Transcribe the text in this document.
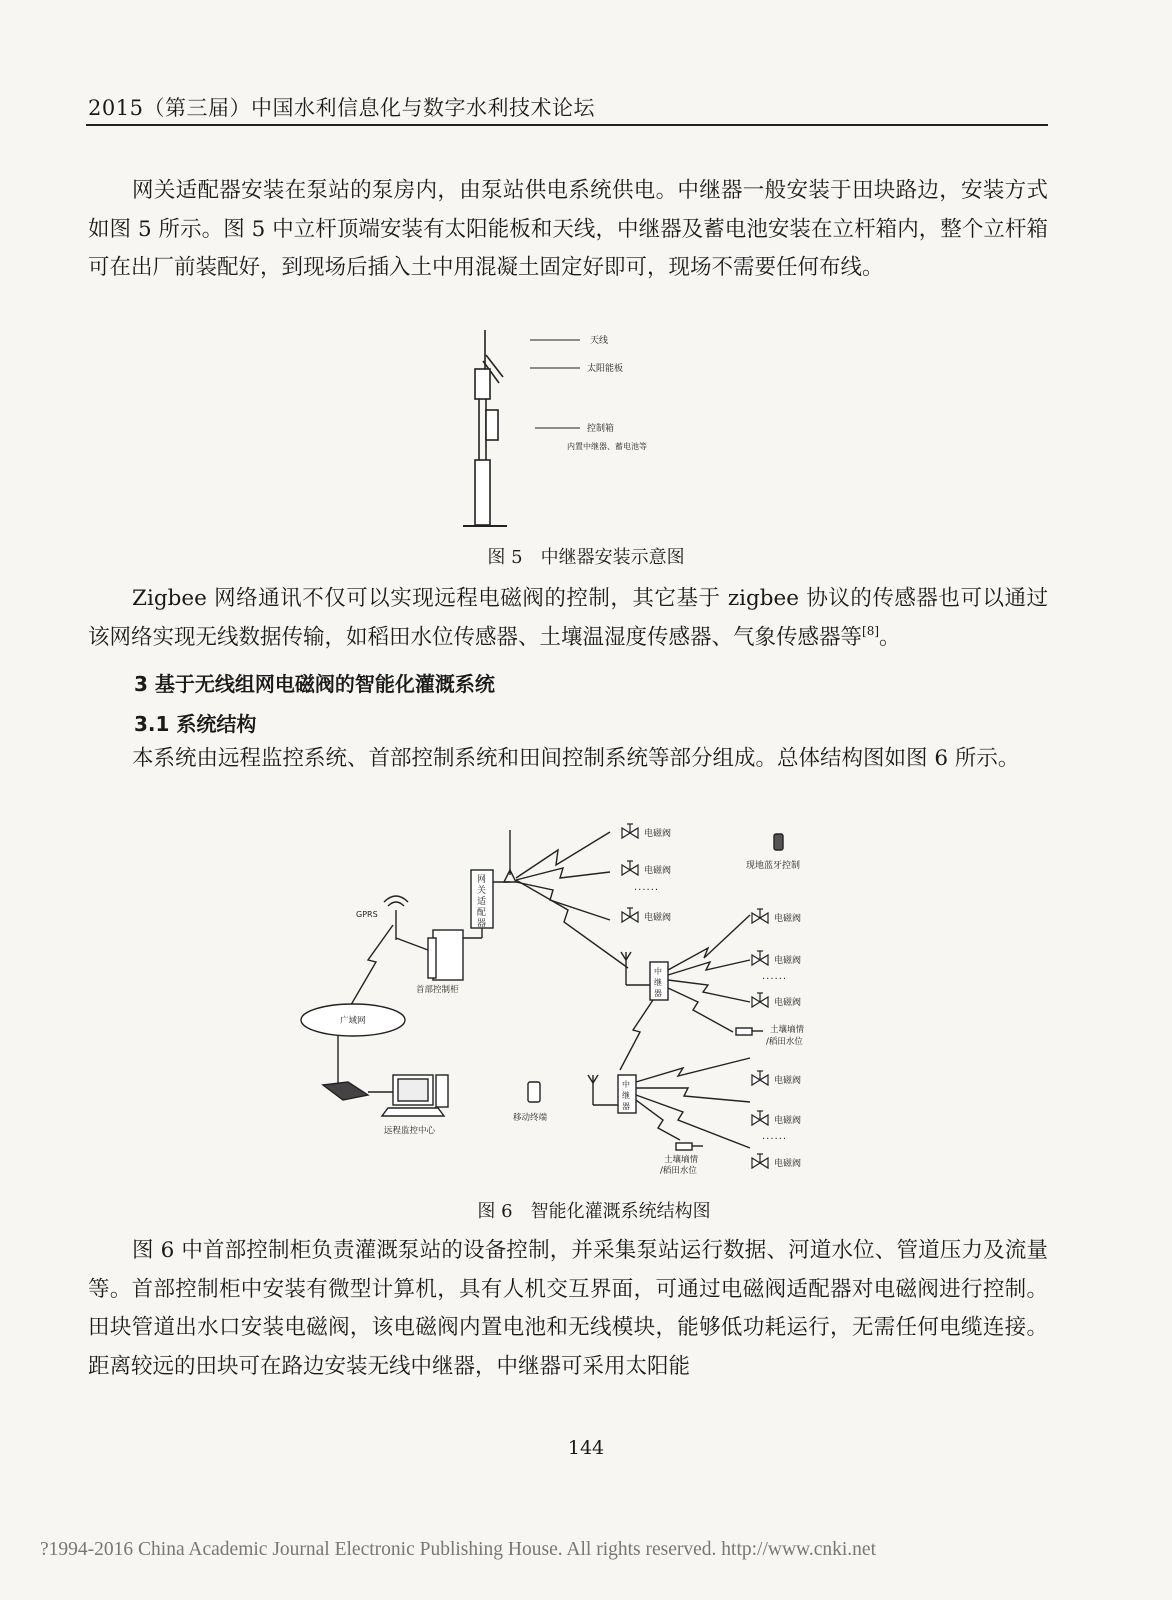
2015（第三届）中国水利信息化与数字水利技术论坛

网关适配器安装在泵站的泵房内，由泵站供电系统供电。中继器一般安装于田块路边，安装方式如图 5 所示。图 5 中立杆顶端安装有太阳能板和天线，中继器及蓄电池安装在立杆箱内，整个立杆箱可在出厂前装配好，到现场后插入土中用混凝土固定好即可，现场不需要任何布线。

天线
太阳能板
控制箱
内置中继器、蓄电池等
图 5　中继器安装示意图

Zigbee 网络通讯不仅可以实现远程电磁阀的控制，其它基于 zigbee 协议的传感器也可以通过该网络实现无线数据传输，如稻田水位传感器、土壤温湿度传感器、气象传感器等[8]。

3 基于无线组网电磁阀的智能化灌溉系统
3.1 系统结构

本系统由远程监控系统、首部控制系统和田间控制系统等部分组成。总体结构图如图 6 所示。

电磁阀
电磁阀
······
电磁阀	电磁阀
电磁阀
······
电磁阀
电磁阀
电磁阀
······
电磁阀
现地蓝牙控制
GPRS
网
关
适
配
器
首部控制柜
广域网
中
继
器
中
继
器
土壤墒情
/稻田水位
土壤墒情
/稻田水位
远程监控中心
移动终端
图 6　智能化灌溉系统结构图

图 6 中首部控制柜负责灌溉泵站的设备控制，并采集泵站运行数据、河道水位、管道压力及流量等。首部控制柜中安装有微型计算机，具有人机交互界面，可通过电磁阀适配器对电磁阀进行控制。田块管道出水口安装电磁阀，该电磁阀内置电池和无线模块，能够低功耗运行，无需任何电缆连接。距离较远的田块可在路边安装无线中继器，中继器可采用太阳能

144
?1994-2016 China Academic Journal Electronic Publishing House. All rights reserved. http://www.cnki.net
